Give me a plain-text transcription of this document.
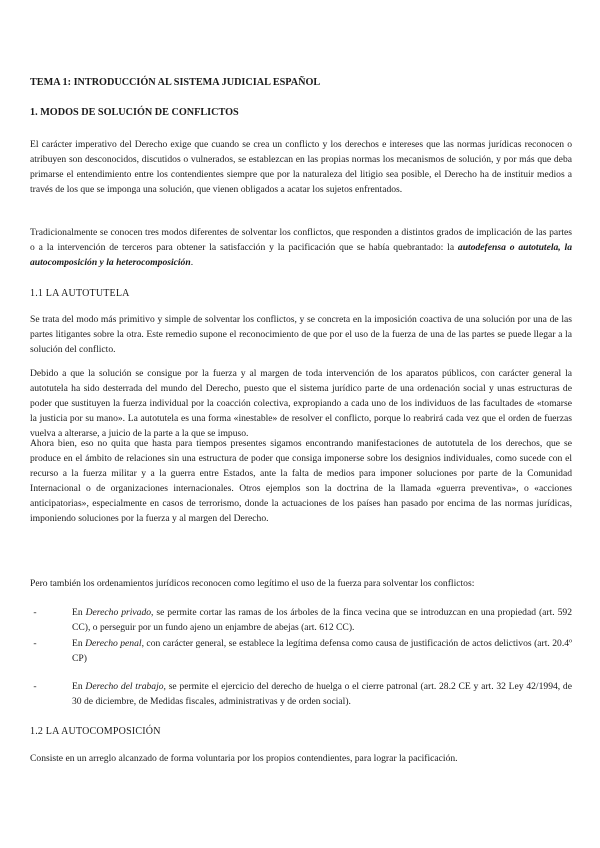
TEMA 1: INTRODUCCIÓN AL SISTEMA JUDICIAL ESPAÑOL
1. MODOS DE SOLUCIÓN DE CONFLICTOS

El carácter imperativo del Derecho exige que cuando se crea un conflicto y los derechos e intereses que las normas jurídicas reconocen o atribuyen son desconocidos, discutidos o vulnerados, se establezcan en las propias normas los mecanismos de solución, y por más que deba primarse el entendimiento entre los contendientes siempre que por la naturaleza del litigio sea posible, el Derecho ha de instituir medios a través de los que se imponga una solución, que vienen obligados a acatar los sujetos enfrentados.

Tradicionalmente se conocen tres modos diferentes de solventar los conflictos, que responden a distintos grados de implicación de las partes o a la intervención de terceros para obtener la satisfacción y la pacificación que se había quebrantado: la autodefensa o autotutela, la autocomposición y la heterocomposición.

1.1 LA AUTOTUTELA

Se trata del modo más primitivo y simple de solventar los conflictos, y se concreta en la imposición coactiva de una solución por una de las partes litigantes sobre la otra. Este remedio supone el reconocimiento de que por el uso de la fuerza de una de las partes se puede llegar a la solución del conflicto.

Debido a que la solución se consigue por la fuerza y al margen de toda intervención de los aparatos públicos, con carácter general la autotutela ha sido desterrada del mundo del Derecho, puesto que el sistema jurídico parte de una ordenación social y unas estructuras de poder que sustituyen la fuerza individual por la coacción colectiva, expropiando a cada uno de los individuos de las facultades de «tomarse la justicia por su mano». La autotutela es una forma «inestable» de resolver el conflicto, porque lo reabrirá cada vez que el orden de fuerzas vuelva a alterarse, a juicio de la parte a la que se impuso.

Ahora bien, eso no quita que hasta para tiempos presentes sigamos encontrando manifestaciones de autotutela de los derechos, que se produce en el ámbito de relaciones sin una estructura de poder que consiga imponerse sobre los designios individuales, como sucede con el recurso a la fuerza militar y a la guerra entre Estados, ante la falta de medios para imponer soluciones por parte de la Comunidad Internacional o de organizaciones internacionales. Otros ejemplos son la doctrina de la llamada «guerra preventiva», o «acciones anticipatorias», especialmente en casos de terrorismo, donde la actuaciones de los países han pasado por encima de las normas jurídicas, imponiendo soluciones por la fuerza y al margen del Derecho.

Pero también los ordenamientos jurídicos reconocen como legítimo el uso de la fuerza para solventar los conflictos:

-	En Derecho privado, se permite cortar las ramas de los árboles de la finca vecina que se introduzcan en una propiedad (art. 592 CC), o perseguir por un fundo ajeno un enjambre de abejas (art. 612 CC).

-	En Derecho penal, con carácter general, se establece la legítima defensa como causa de justificación de actos delictivos (art. 20.4º CP)

-	En Derecho del trabajo, se permite el ejercicio del derecho de huelga o el cierre patronal (art. 28.2 CE y art. 32 Ley 42/1994, de 30 de diciembre, de Medidas fiscales, administrativas y de orden social).

1.2 LA AUTOCOMPOSICIÓN

Consiste en un arreglo alcanzado de forma voluntaria por los propios contendientes, para lograr la pacificación.
